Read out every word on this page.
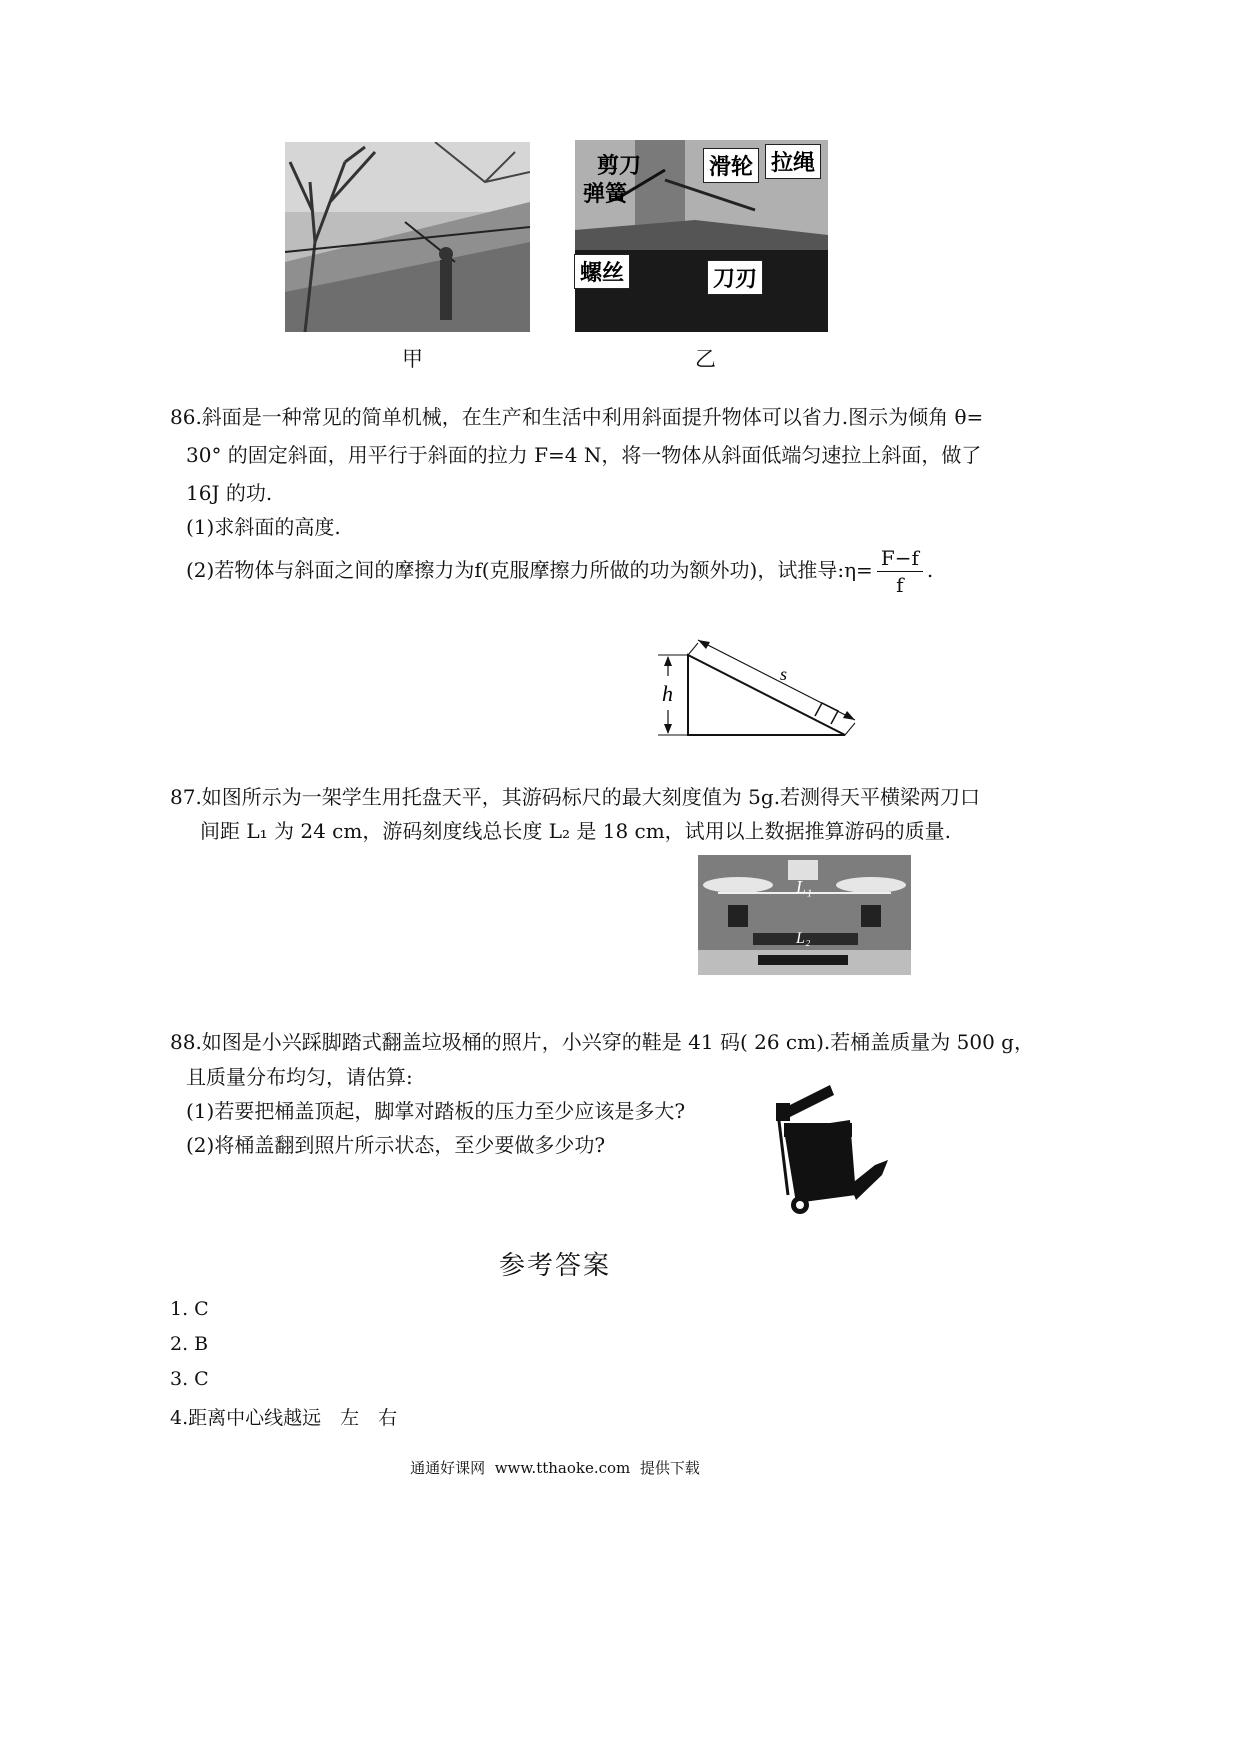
甲
剪刀	滑轮 拉绳
弹簧
螺丝	刀刃
乙
86.斜面是一种常见的简单机械，在生产和生活中利用斜面提升物体可以省力.图示为倾角 θ=
30° 的固定斜面，用平行于斜面的拉力 F=4 N，将一物体从斜面低端匀速拉上斜面，做了
16J 的功.
(1)求斜面的高度.
(2)若物体与斜面之间的摩擦力为f(克服摩擦力所做的功为额外功)，试推导:η= $\frac{F-f}{f}$ .
h
s
87.如图所示为一架学生用托盘天平，其游码标尺的最大刻度值为 5g.若测得天平横梁两刀口
间距 L₁ 为 24 cm，游码刻度线总长度 L₂ 是 18 cm，试用以上数据推算游码的质量.
L₁
L₂
88.如图是小兴踩脚踏式翻盖垃圾桶的照片，小兴穿的鞋是 41 码( 26 cm).若桶盖质量为 500 g，
且质量分布均匀，请估算:
(1)若要把桶盖顶起，脚掌对踏板的压力至少应该是多大?
(2)将桶盖翻到照片所示状态，至少要做多少功?
参考答案
1. C
2. B
3. C
4.距离中心线越远　左　右
通通好课网  www.tthaoke.com  提供下载
